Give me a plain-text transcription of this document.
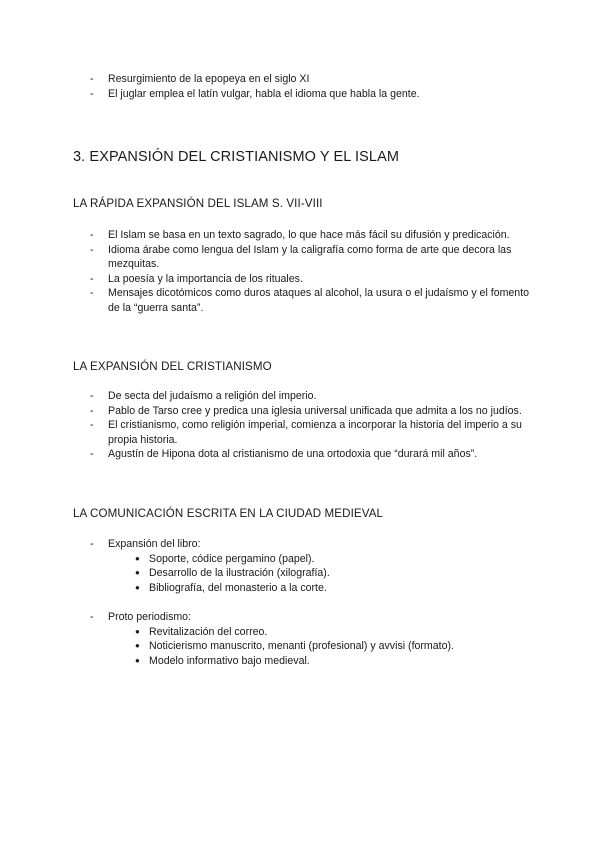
- Resurgimiento de la epopeya en el siglo XI
- El juglar emplea el latín vulgar, habla el idioma que habla la gente.
3. EXPANSIÓN DEL CRISTIANISMO Y EL ISLAM
LA RÁPIDA EXPANSIÓN DEL ISLAM S. VII-VIII
- El Islam se basa en un texto sagrado, lo que hace más fácil su difusión y predicación.
- Idioma árabe como lengua del Islam y la caligrafía como forma de arte que decora las mezquitas.
- La poesía y la importancia de los rituales.
- Mensajes dicotómicos como duros ataques al alcohol, la usura o el judaísmo y el fomento de la “guerra santa”.
LA EXPANSIÓN DEL CRISTIANISMO
- De secta del judaísmo a religión del imperio.
- Pablo de Tarso cree y predica una iglesia universal unificada que admita a los no judíos.
- El cristianismo, como religión imperial, comienza a incorporar la historia del imperio a su propia historia.
- Agustín de Hipona dota al cristianismo de una ortodoxia que “durará mil años”.
LA COMUNICACIÓN ESCRITA EN LA CIUDAD MEDIEVAL
- Expansión del libro:
● Soporte, códice pergamino (papel).
● Desarrollo de la ilustración (xilografía).
● Bibliografía, del monasterio a la corte.
- Proto periodismo:
● Revitalización del correo.
● Noticierismo manuscrito, menanti (profesional) y avvisi (formato).
● Modelo informativo bajo medieval.
